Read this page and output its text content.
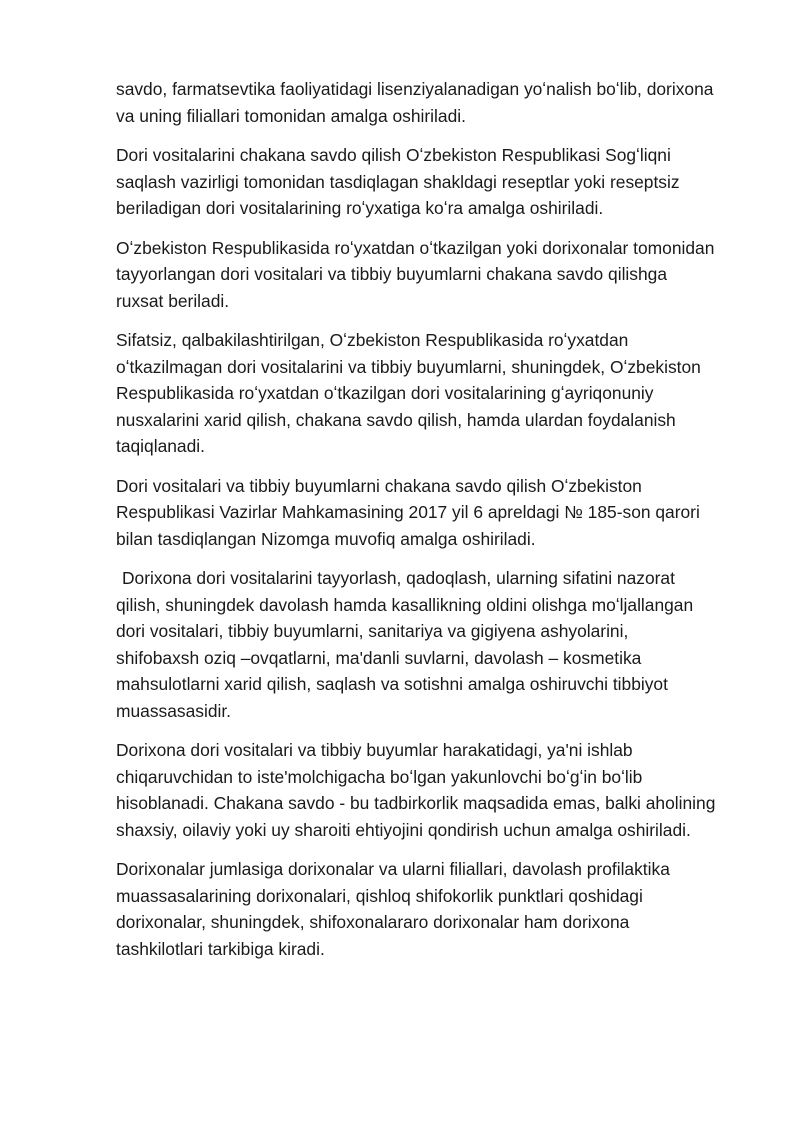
savdo, farmatsevtika faoliyatidagi lisenziyalanadigan yoʻnalish boʻlib, dorixona va uning filiallari tomonidan amalga oshiriladi.

Dori vositalarini chakana savdo qilish Oʻzbekiston Respublikasi Sogʻliqni saqlash vazirligi tomonidan tasdiqlagan shakldagi reseptlar yoki reseptsiz beriladigan dori vositalarining roʻyxatiga koʻra amalga oshiriladi.

Oʻzbekiston Respublikasida roʻyxatdan oʻtkazilgan yoki dorixonalar tomonidan tayyorlangan dori vositalari va tibbiy buyumlarni chakana savdo qilishga ruxsat beriladi.

Sifatsiz, qalbakilashtirilgan, Oʻzbekiston Respublikasida roʻyxatdan oʻtkazilmagan dori vositalarini va tibbiy buyumlarni, shuningdek, Oʻzbekiston Respublikasida roʻyxatdan oʻtkazilgan dori vositalarining gʻayriqonuniy nusxalarini xarid qilish, chakana savdo qilish, hamda ulardan foydalanish taqiqlanadi.

Dori vositalari va tibbiy buyumlarni chakana savdo qilish Oʻzbekiston Respublikasi Vazirlar Mahkamasining 2017 yil 6 apreldagi № 185-son qarori bilan tasdiqlangan Nizomga muvofiq amalga oshiriladi.

Dorixona dori vositalarini tayyorlash, qadoqlash, ularning sifatini nazorat qilish, shuningdek davolash hamda kasallikning oldini olishga moʻljallangan dori vositalari, tibbiy buyumlarni, sanitariya va gigiyena ashyolarini, shifobaxsh oziq –ovqatlarni, ma'danli suvlarni, davolash – kosmetika mahsulotlarni xarid qilish, saqlash va sotishni amalga oshiruvchi tibbiyot muassasasidir.

Dorixona dori vositalari va tibbiy buyumlar harakatidagi, ya'ni ishlab chiqaruvchidan to iste'molchigacha boʻlgan yakunlovchi boʻgʻin boʻlib hisoblanadi. Chakana savdo - bu tadbirkorlik maqsadida emas, balki aholining shaxsiy, oilaviy yoki uy sharoiti ehtiyojini qondirish uchun amalga oshiriladi.

Dorixonalar jumlasiga dorixonalar va ularni filiallari, davolash profilaktika muassasalarining dorixonalari, qishloq shifokorlik punktlari qoshidagi dorixonalar, shuningdek, shifoxonalararo dorixonalar ham dorixona tashkilotlari tarkibiga kiradi.
